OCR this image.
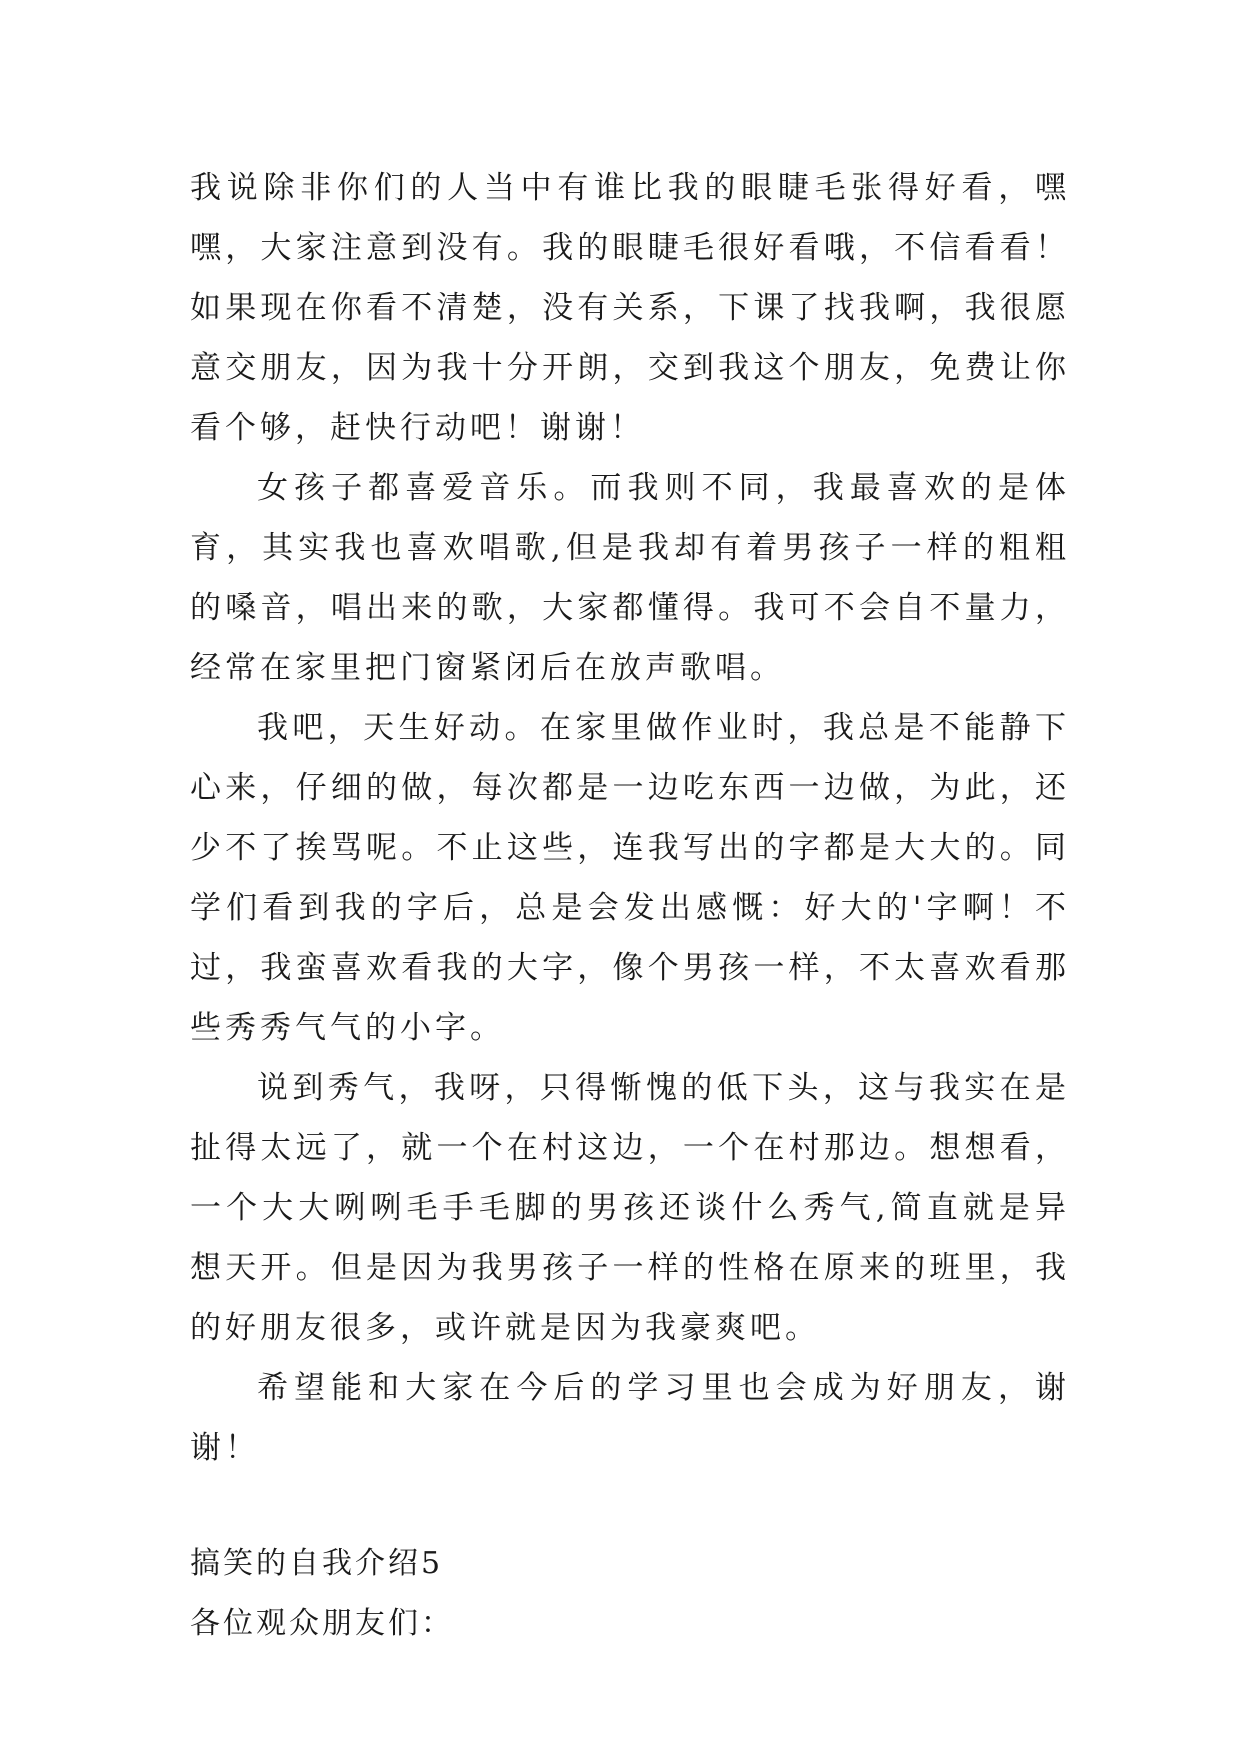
我说除非你们的人当中有谁比我的眼睫毛张得好看，嘿嘿，大家注意到没有。我的眼睫毛很好看哦，不信看看！如果现在你看不清楚，没有关系，下课了找我啊，我很愿意交朋友，因为我十分开朗，交到我这个朋友，免费让你看个够，赶快行动吧！谢谢！

女孩子都喜爱音乐。而我则不同，我最喜欢的是体育，其实我也喜欢唱歌,但是我却有着男孩子一样的粗粗的嗓音，唱出来的歌，大家都懂得。我可不会自不量力，经常在家里把门窗紧闭后在放声歌唱。

我吧，天生好动。在家里做作业时，我总是不能静下心来，仔细的做，每次都是一边吃东西一边做，为此，还少不了挨骂呢。不止这些，连我写出的字都是大大的。同学们看到我的字后，总是会发出感慨：好大的'字啊！不过，我蛮喜欢看我的大字，像个男孩一样，不太喜欢看那些秀秀气气的小字。

说到秀气，我呀，只得惭愧的低下头，这与我实在是扯得太远了，就一个在村这边，一个在村那边。想想看，一个大大咧咧毛手毛脚的男孩还谈什么秀气,简直就是异想天开。但是因为我男孩子一样的性格在原来的班里，我的好朋友很多，或许就是因为我豪爽吧。

希望能和大家在今后的学习里也会成为好朋友，谢谢！

搞笑的自我介绍5

各位观众朋友们：
